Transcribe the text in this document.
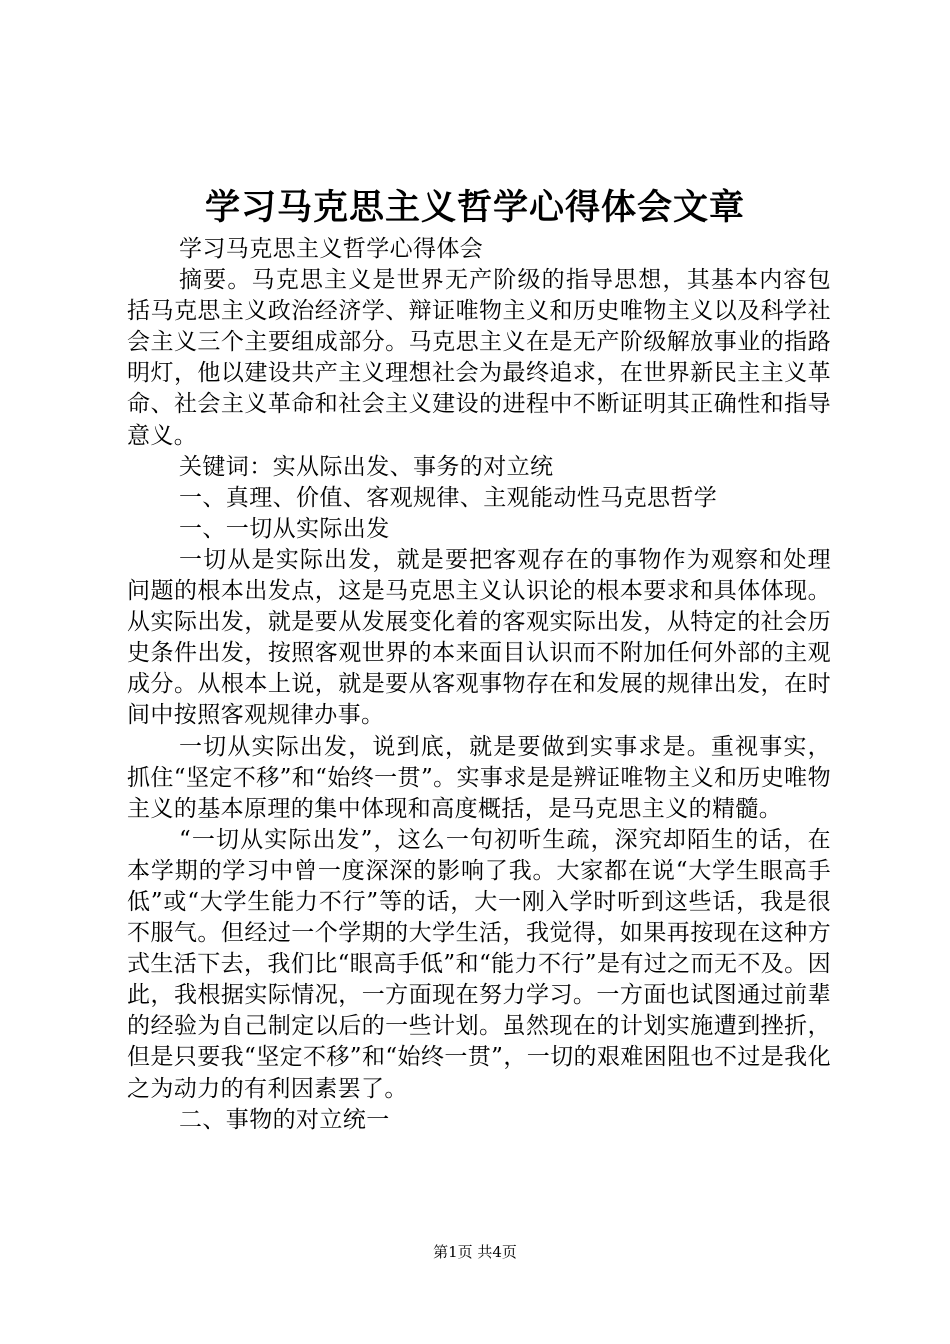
学习马克思主义哲学心得体会文章

学习马克思主义哲学心得体会

摘要。马克思主义是世界无产阶级的指导思想，其基本内容包括马克思主义政治经济学、辩证唯物主义和历史唯物主义以及科学社会主义三个主要组成部分。马克思主义在是无产阶级解放事业的指路明灯，他以建设共产主义理想社会为最终追求，在世界新民主主义革命、社会主义革命和社会主义建设的进程中不断证明其正确性和指导意义。

关键词：实从际出发、事务的对立统

一、真理、价值、客观规律、主观能动性马克思哲学

一、一切从实际出发

一切从是实际出发，就是要把客观存在的事物作为观察和处理问题的根本出发点，这是马克思主义认识论的根本要求和具体体现。从实际出发，就是要从发展变化着的客观实际出发，从特定的社会历史条件出发，按照客观世界的本来面目认识而不附加任何外部的主观成分。从根本上说，就是要从客观事物存在和发展的规律出发，在时间中按照客观规律办事。

一切从实际出发，说到底，就是要做到实事求是。重视事实，抓住“坚定不移”和“始终一贯”。实事求是是辨证唯物主义和历史唯物主义的基本原理的集中体现和高度概括，是马克思主义的精髓。

“一切从实际出发”，这么一句初听生疏，深究却陌生的话，在本学期的学习中曾一度深深的影响了我。大家都在说“大学生眼高手低”或“大学生能力不行”等的话，大一刚入学时听到这些话，我是很不服气。但经过一个学期的大学生活，我觉得，如果再按现在这种方式生活下去，我们比“眼高手低”和“能力不行”是有过之而无不及。因此，我根据实际情况，一方面现在努力学习。一方面也试图通过前辈的经验为自己制定以后的一些计划。虽然现在的计划实施遭到挫折，但是只要我“坚定不移”和“始终一贯”，一切的艰难困阻也不过是我化之为动力的有利因素罢了。

二、事物的对立统一

第1页 共4页
